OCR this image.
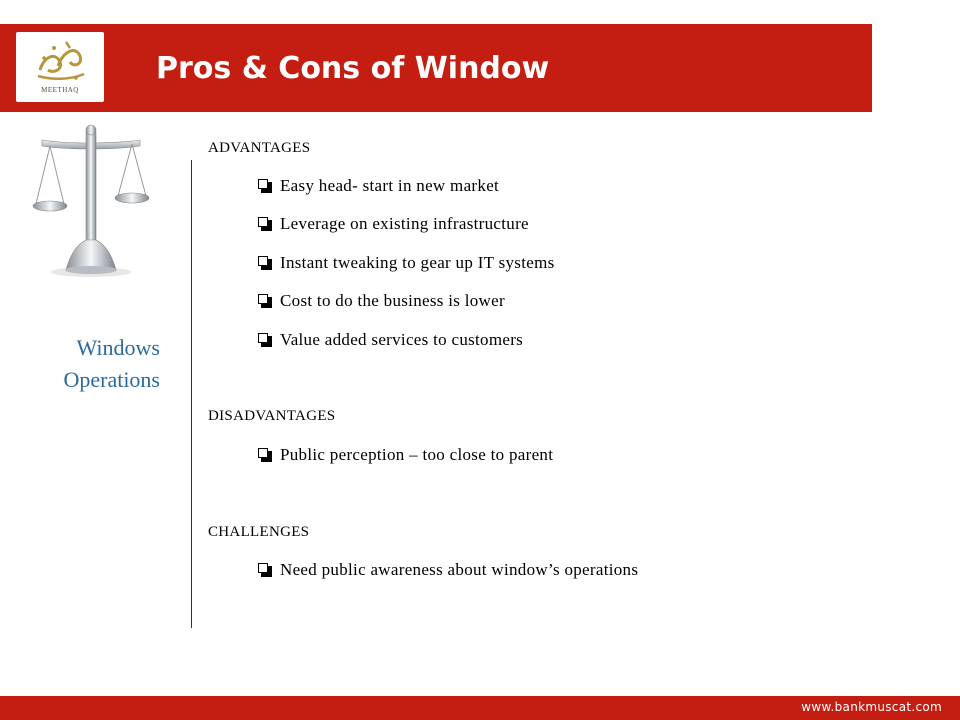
MEETHAQ
Pros & Cons of Window
Windows
Operations
ADVANTAGES
Easy head- start in new market
Leverage on existing infrastructure
Instant tweaking to gear up IT systems
Cost to do the business is lower
Value added services to customers
DISADVANTAGES
Public perception – too close to parent
CHALLENGES
Need public awareness about window’s operations
www.bankmuscat.com
